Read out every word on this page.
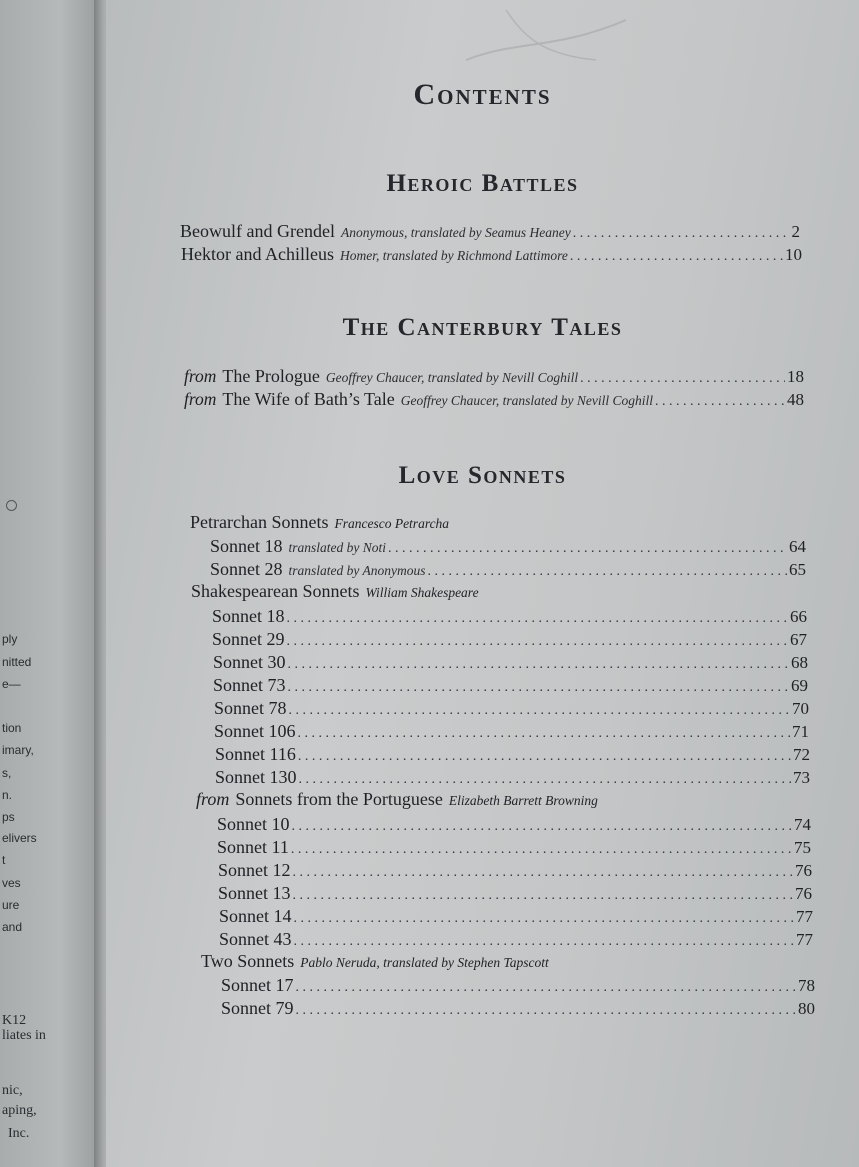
ply
nitted
e—
tion
imary,
s,
n.
ps
elivers
t
ves
ure
and
K12
liates in
nic,
aping,
Inc.
Contents
Heroic Battles
Beowulf and Grendel Anonymous, translated by Seamus Heaney . . .	2
Hektor and Achilleus Homer, translated by Richmond Lattimore . . .	10
The Canterbury Tales
from The Prologue Geoffrey Chaucer, translated by Nevill Coghill . . .	18
from The Wife of Bath’s Tale Geoffrey Chaucer, translated by Nevill Coghill . . .	48
Love Sonnets
Petrarchan Sonnets Francesco Petrarcha
Sonnet 18 translated by Noti . . .	64
Sonnet 28 translated by Anonymous . . .	65
Shakespearean Sonnets William Shakespeare
Sonnet 18 . . .	66
Sonnet 29 . . .	67
Sonnet 30 . . .	68
Sonnet 73 . . .	69
Sonnet 78 . . .	70
Sonnet 106 . . .	71
Sonnet 116 . . .	72
Sonnet 130 . . .	73
from Sonnets from the Portuguese Elizabeth Barrett Browning
Sonnet 10 . . .	74
Sonnet 11 . . .	75
Sonnet 12 . . .	76
Sonnet 13 . . .	76
Sonnet 14 . . .	77
Sonnet 43 . . .	77
Two Sonnets Pablo Neruda, translated by Stephen Tapscott
Sonnet 17 . . .	78
Sonnet 79 . . .	80
